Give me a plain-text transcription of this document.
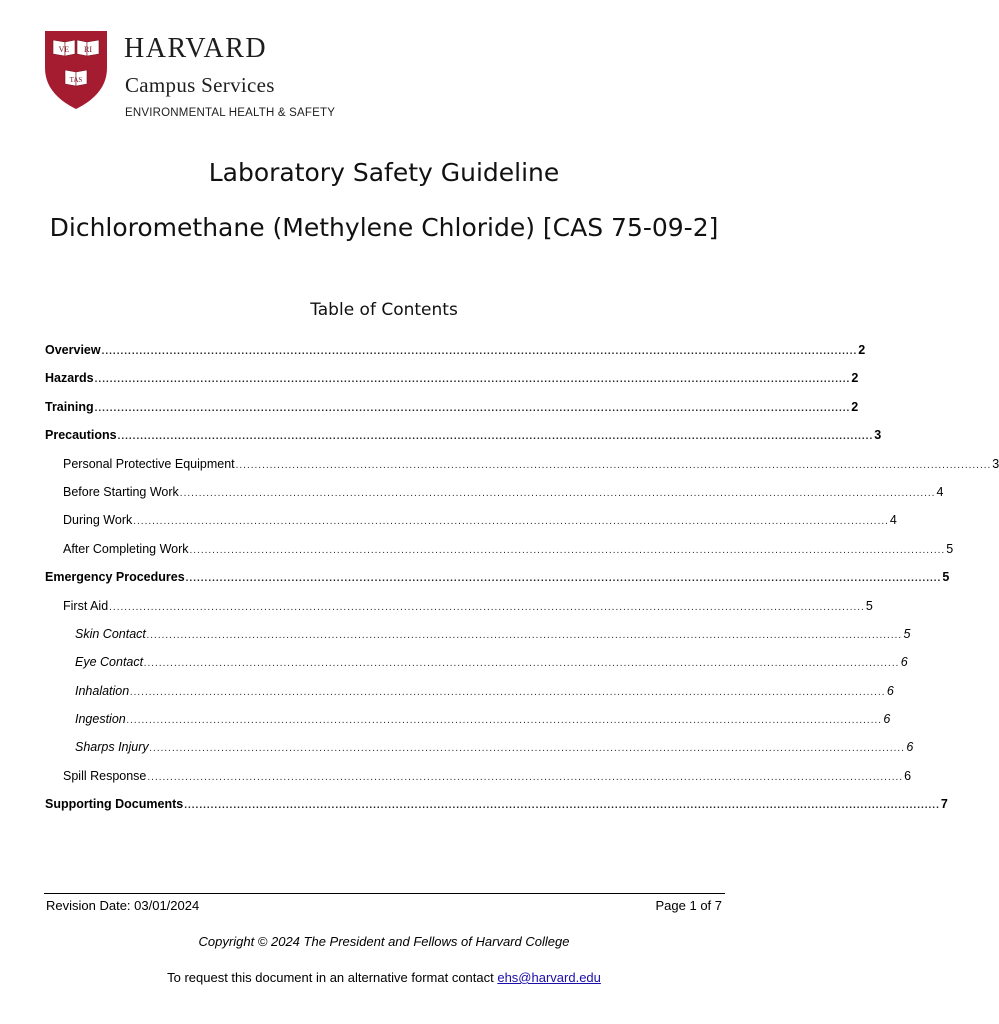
VE RI
TAS
HARVARD
Campus Services
ENVIRONMENTAL HEALTH & SAFETY
Laboratory Safety Guideline
Dichloromethane (Methylene Chloride) [CAS 75-09-2]
Table of Contents
Overview ........................................................................................................................................................................................................ 2
Hazards ........................................................................................................................................................................................................ 2
Training ........................................................................................................................................................................................................ 2
Precautions ........................................................................................................................................................................................................ 3
Personal Protective Equipment ........................................................................................................................................................................................................ 3
Before Starting Work ........................................................................................................................................................................................................ 4
During Work ........................................................................................................................................................................................................ 4
After Completing Work ........................................................................................................................................................................................................ 5
Emergency Procedures ........................................................................................................................................................................................................ 5
First Aid ........................................................................................................................................................................................................ 5
Skin Contact ........................................................................................................................................................................................................ 5
Eye Contact ........................................................................................................................................................................................................ 6
Inhalation ........................................................................................................................................................................................................ 6
Ingestion ........................................................................................................................................................................................................ 6
Sharps Injury ........................................................................................................................................................................................................ 6
Spill Response ........................................................................................................................................................................................................ 6
Supporting Documents ........................................................................................................................................................................................................ 7
Revision Date: 03/01/2024	Page 1 of 7
Copyright © 2024 The President and Fellows of Harvard College
To request this document in an alternative format contact ehs@harvard.edu
